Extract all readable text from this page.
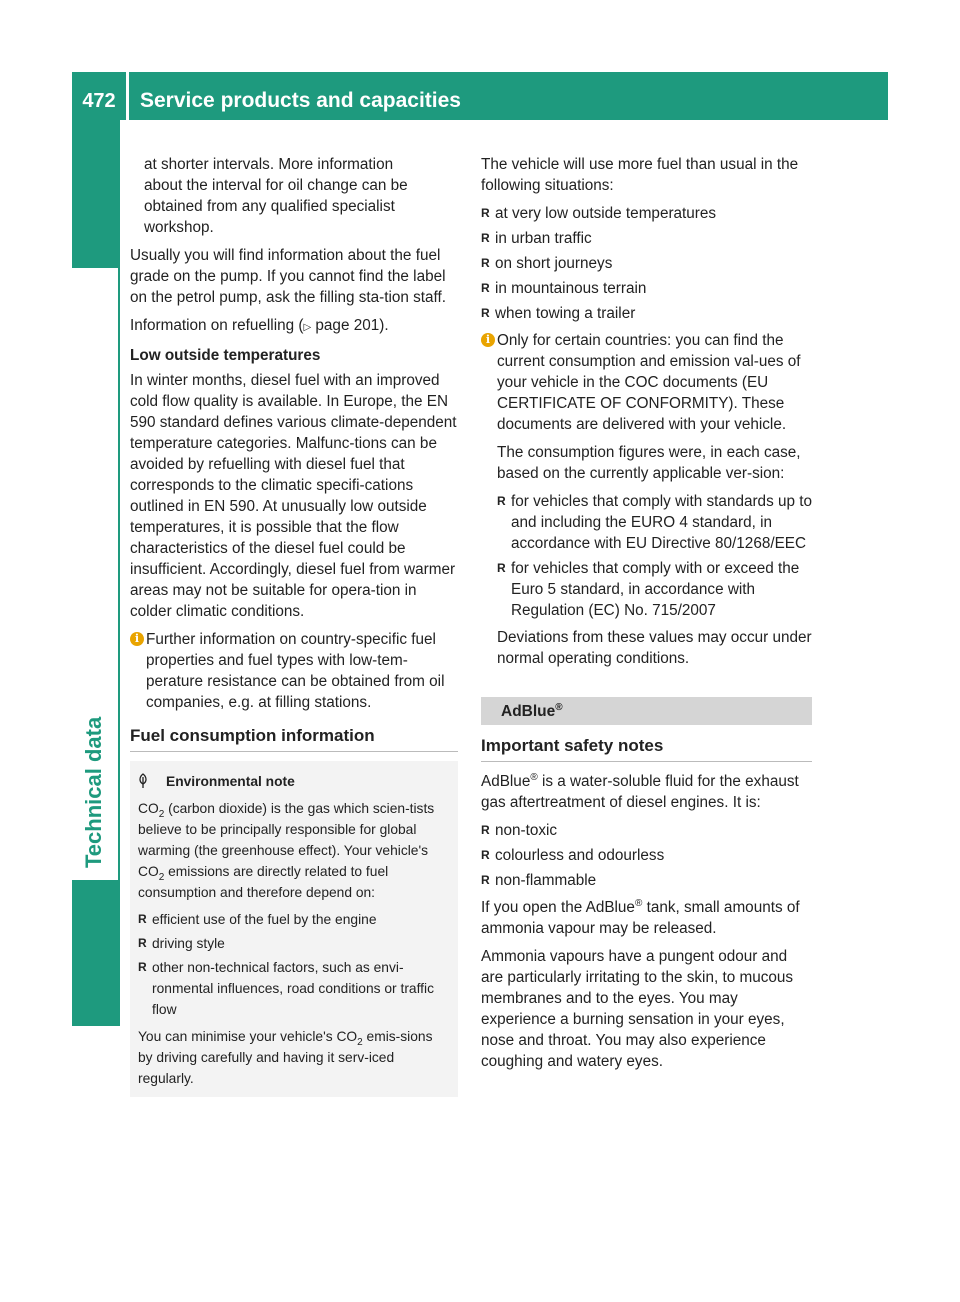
472	Service products and capacities
Technical data
at shorter intervals. More information
about the interval for oil change can be
obtained from any qualified specialist
workshop.

Usually you will find information about the fuel grade on the pump. If you cannot find the label on the petrol pump, ask the filling sta-tion staff.

Information on refuelling (▷ page 201).

Low outside temperatures

In winter months, diesel fuel with an improved cold flow quality is available. In Europe, the EN 590 standard defines various climate-dependent temperature categories. Malfunc-tions can be avoided by refuelling with diesel fuel that corresponds to the climatic specifi-cations outlined in EN 590. At unusually low outside temperatures, it is possible that the flow characteristics of the diesel fuel could be insufficient. Accordingly, diesel fuel from warmer areas may not be suitable for opera-tion in colder climatic conditions.

i Further information on country-specific fuel properties and fuel types with low-tem-perature resistance can be obtained from oil companies, e.g. at filling stations.
Fuel consumption information
Environmental note
$CO_2$ (carbon dioxide) is the gas which scien-tists believe to be principally responsible for global warming (the greenhouse effect). Your vehicle's $CO_2$ emissions are directly related to fuel consumption and therefore depend on:
R efficient use of the fuel by the engine
R driving style
R other non-technical factors, such as envi-ronmental influences, road conditions or traffic flow
You can minimise your vehicle's $CO_2$ emis-sions by driving carefully and having it serv-iced regularly.

The vehicle will use more fuel than usual in the following situations:

R at very low outside temperatures
R in urban traffic
R on short journeys
R in mountainous terrain
R when towing a trailer
i Only for certain countries: you can find the current consumption and emission val-ues of your vehicle in the COC documents (EU CERTIFICATE OF CONFORMITY). These documents are delivered with your vehicle.

The consumption figures were, in each case, based on the currently applicable ver-sion:

R for vehicles that comply with standards up to and including the EURO 4 standard, in accordance with EU Directive 80/1268/EEC
R for vehicles that comply with or exceed the Euro 5 standard, in accordance with Regulation (EC) No. 715/2007

Deviations from these values may occur under normal operating conditions.

AdBlue®
Important safety notes

AdBlue® is a water-soluble fluid for the exhaust gas aftertreatment of diesel engines. It is:

R non-toxic
R colourless and odourless
R non-flammable

If you open the AdBlue® tank, small amounts of ammonia vapour may be released.

Ammonia vapours have a pungent odour and are particularly irritating to the skin, to mucous membranes and to the eyes. You may experience a burning sensation in your eyes, nose and throat. You may also experience coughing and watery eyes.
